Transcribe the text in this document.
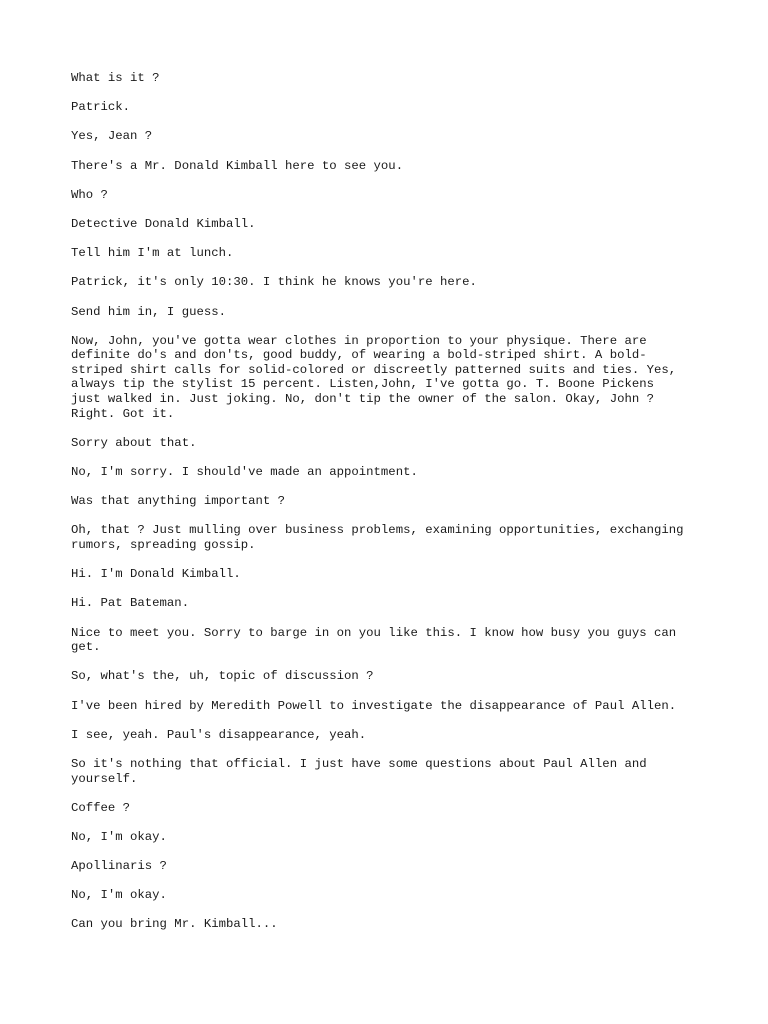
What is it ?

Patrick.

Yes, Jean ?

There's a Mr. Donald Kimball here to see you.

Who ?

Detective Donald Kimball.

Tell him I'm at lunch.

Patrick, it's only 10:30. I think he knows you're here.

Send him in, I guess.

Now, John, you've gotta wear clothes in proportion to your physique. There are
definite do's and don'ts, good buddy, of wearing a bold-striped shirt. A bold-
striped shirt calls for solid-colored or discreetly patterned suits and ties. Yes,
always tip the stylist 15 percent. Listen,John, I've gotta go. T. Boone Pickens
just walked in. Just joking. No, don't tip the owner of the salon. Okay, John ?
Right. Got it.

Sorry about that.

No, I'm sorry. I should've made an appointment.

Was that anything important ?

Oh, that ? Just mulling over business problems, examining opportunities, exchanging
rumors, spreading gossip.

Hi. I'm Donald Kimball.

Hi. Pat Bateman.

Nice to meet you. Sorry to barge in on you like this. I know how busy you guys can
get.

So, what's the, uh, topic of discussion ?

I've been hired by Meredith Powell to investigate the disappearance of Paul Allen.

I see, yeah. Paul's disappearance, yeah.

So it's nothing that official. I just have some questions about Paul Allen and
yourself.

Coffee ?

No, I'm okay.

Apollinaris ?

No, I'm okay.

Can you bring Mr. Kimball...
